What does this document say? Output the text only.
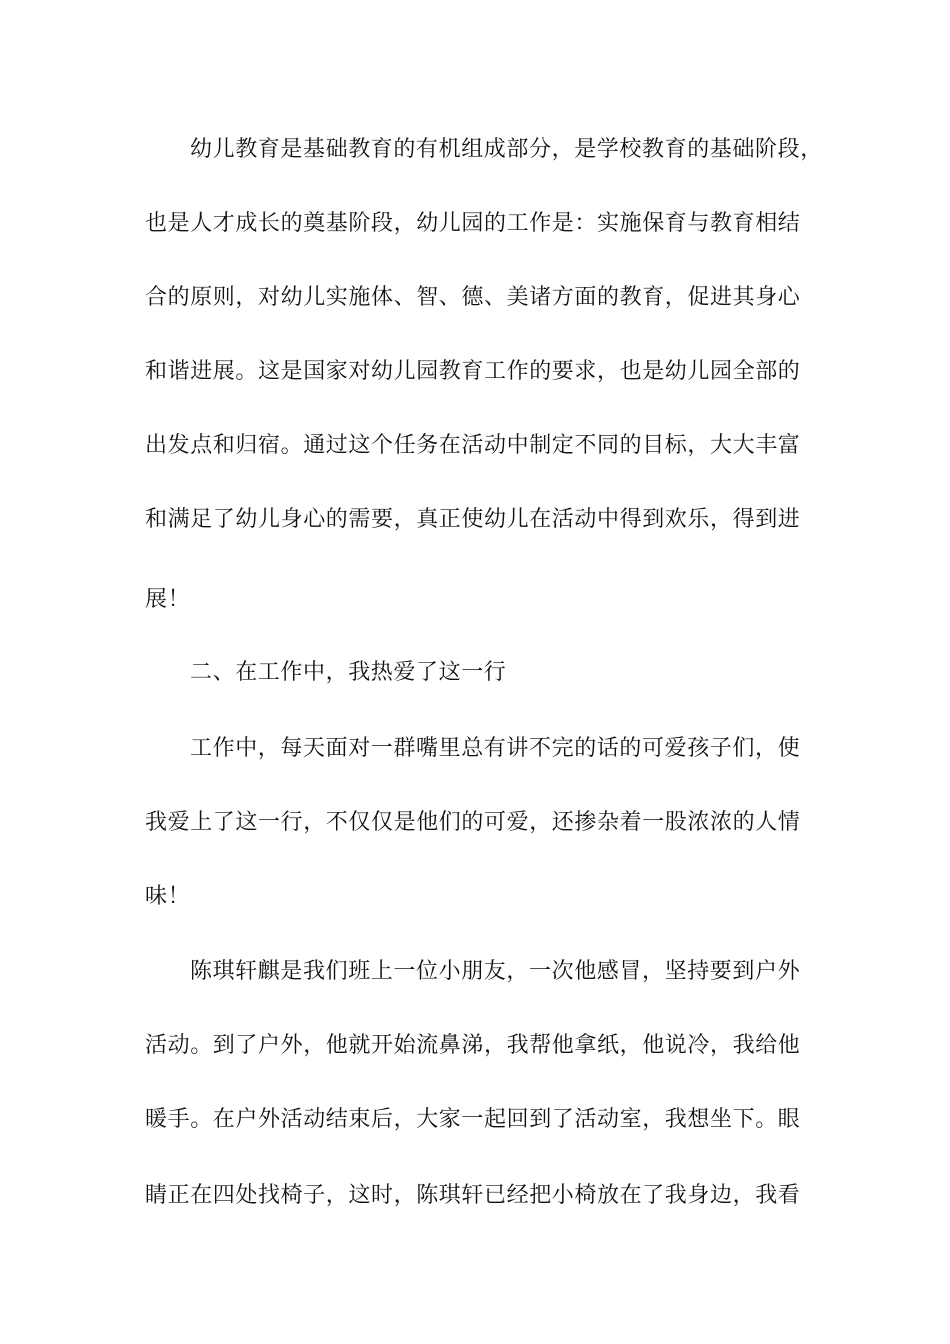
幼儿教育是基础教育的有机组成部分，是学校教育的基础阶段，
也是人才成长的奠基阶段，幼儿园的工作是：实施保育与教育相结
合的原则，对幼儿实施体、智、德、美诸方面的教育，促进其身心
和谐进展。这是国家对幼儿园教育工作的要求，也是幼儿园全部的
出发点和归宿。通过这个任务在活动中制定不同的目标，大大丰富
和满足了幼儿身心的需要，真正使幼儿在活动中得到欢乐，得到进
展！
二、在工作中，我热爱了这一行
工作中，每天面对一群嘴里总有讲不完的话的可爱孩子们，使
我爱上了这一行，不仅仅是他们的可爱，还掺杂着一股浓浓的人情
味！
陈琪轩麒是我们班上一位小朋友，一次他感冒，坚持要到户外
活动。到了户外，他就开始流鼻涕，我帮他拿纸，他说冷，我给他
暖手。在户外活动结束后，大家一起回到了活动室，我想坐下。眼
睛正在四处找椅子，这时，陈琪轩已经把小椅放在了我身边，我看
